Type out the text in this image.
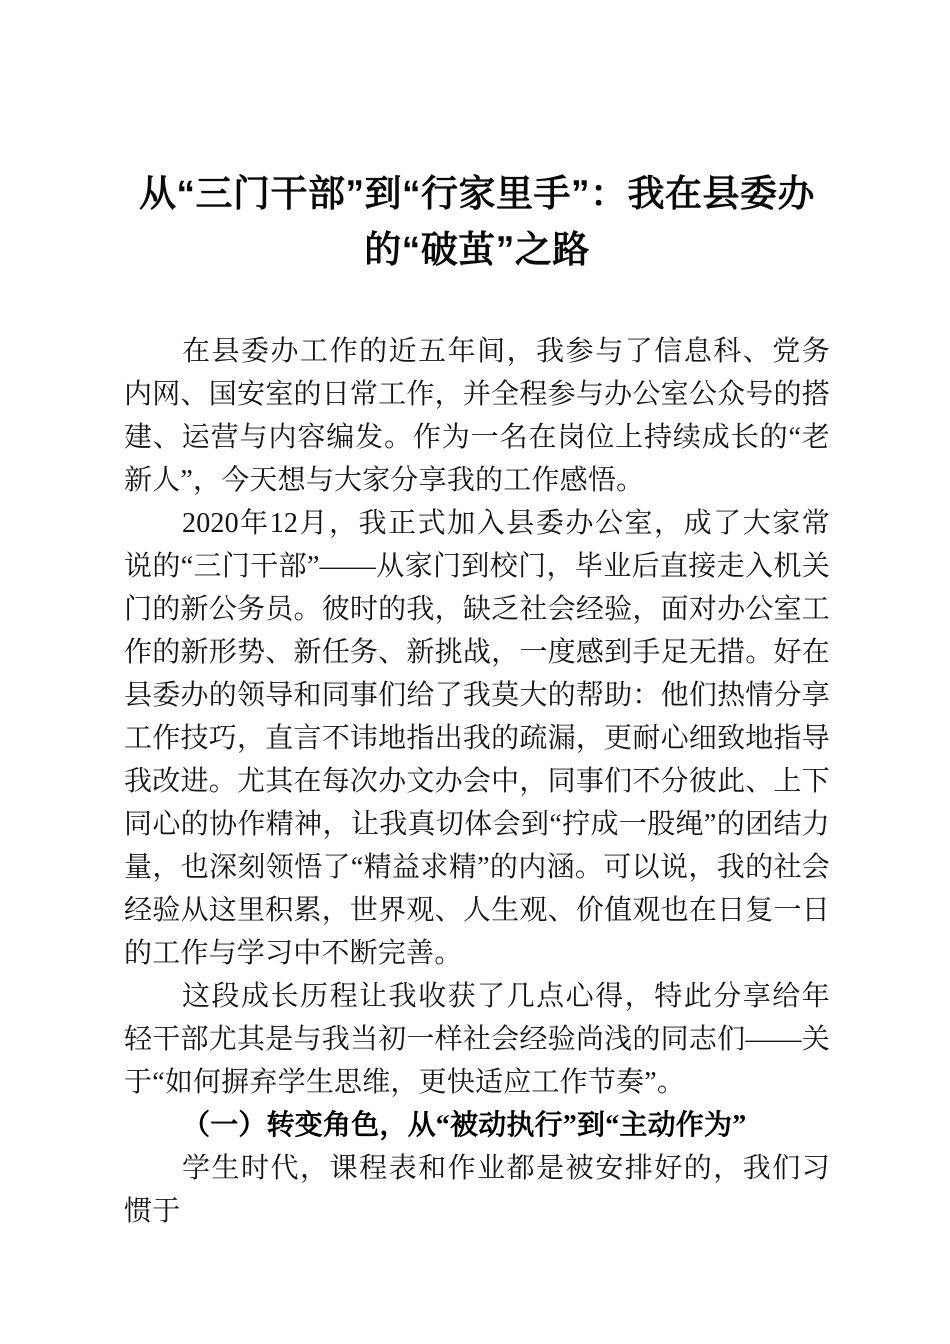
从“三门干部”到“行家里手”：我在县委办的“破茧”之路

在县委办工作的近五年间，我参与了信息科、党务内网、国安室的日常工作，并全程参与办公室公众号的搭建、运营与内容编发。作为一名在岗位上持续成长的“老新人”，今天想与大家分享我的工作感悟。

2020年12月，我正式加入县委办公室，成了大家常说的“三门干部”——从家门到校门，毕业后直接走入机关门的新公务员。彼时的我，缺乏社会经验，面对办公室工作的新形势、新任务、新挑战，一度感到手足无措。好在县委办的领导和同事们给了我莫大的帮助：他们热情分享工作技巧，直言不讳地指出我的疏漏，更耐心细致地指导我改进。尤其在每次办文办会中，同事们不分彼此、上下同心的协作精神，让我真切体会到“拧成一股绳”的团结力量，也深刻领悟了“精益求精”的内涵。可以说，我的社会经验从这里积累，世界观、人生观、价值观也在日复一日的工作与学习中不断完善。

这段成长历程让我收获了几点心得，特此分享给年轻干部尤其是与我当初一样社会经验尚浅的同志们——关于“如何摒弃学生思维，更快适应工作节奏”。

（一）转变角色，从“被动执行”到“主动作为”

学生时代，课程表和作业都是被安排好的，我们习惯于
